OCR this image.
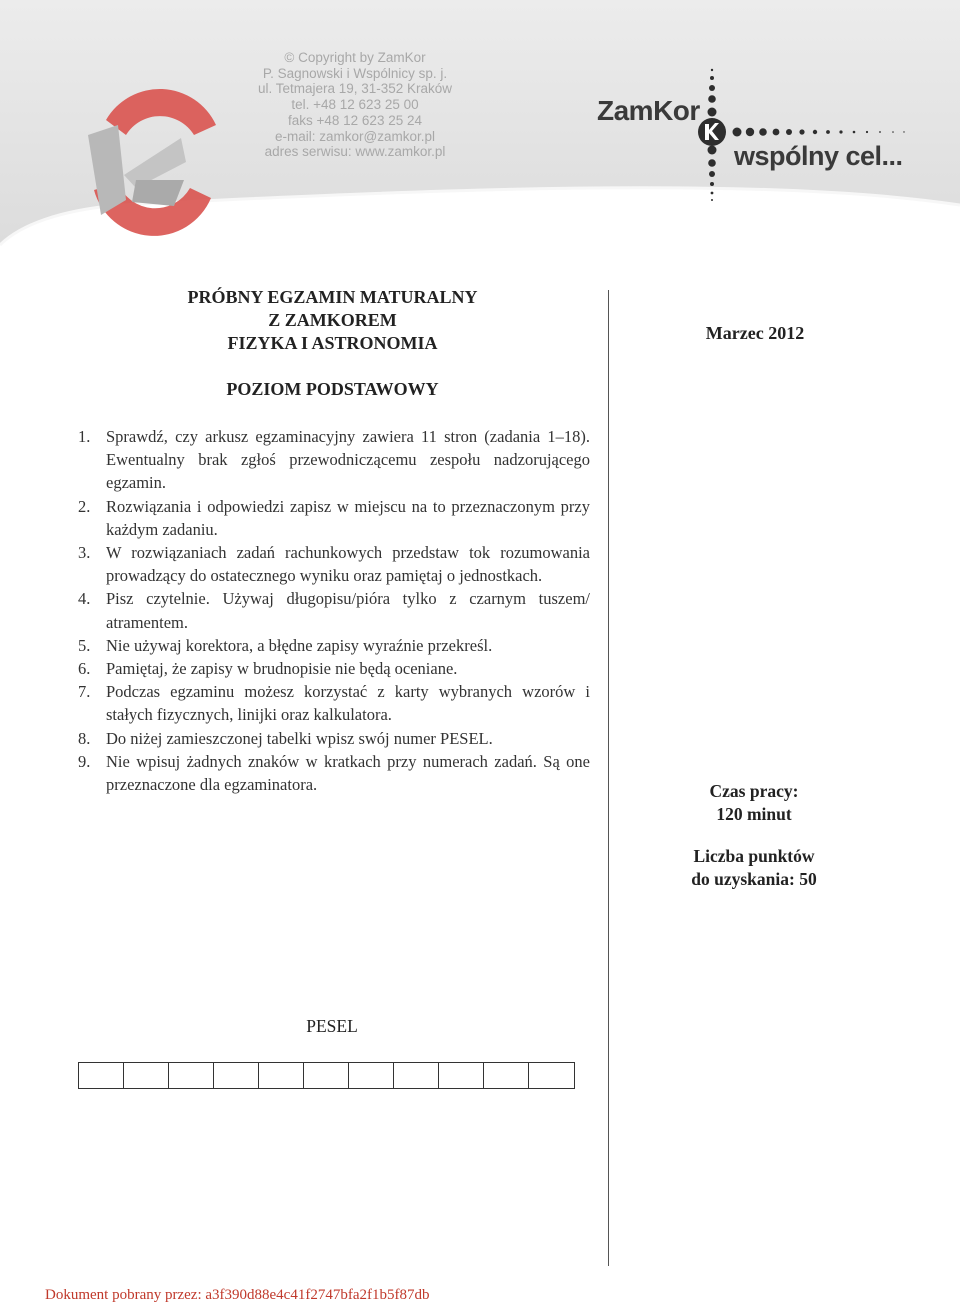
© Copyright by ZamKor
P. Sagnowski i Wspólnicy sp. j.
ul. Tetmajera 19, 31-352 Kraków
tel. +48 12 623 25 00
faks +48 12 623 25 24
e-mail: zamkor@zamkor.pl
adres serwisu: www.zamkor.pl
ZamKor
wspólny cel...
PRÓBNY EGZAMIN MATURALNY
Z ZAMKOREM
FIZYKA I ASTRONOMIA
POZIOM PODSTAWOWY
Marzec 2012
1. Sprawdź, czy arkusz egzaminacyjny zawiera 11 stron (zadania 1–18). Ewentualny brak zgłoś przewodniczącemu zespołu nadzorującego egzamin.
2. Rozwiązania i odpowiedzi zapisz w miejscu na to przeznaczonym przy każdym zadaniu.
3. W rozwiązaniach zadań rachunkowych przedstaw tok rozumowania prowadzący do ostatecznego wyniku oraz pamiętaj o jednostkach.
4. Pisz czytelnie. Używaj długopisu/pióra tylko z czarnym tuszem/ atramentem.
5. Nie używaj korektora, a błędne zapisy wyraźnie przekreśl.
6. Pamiętaj, że zapisy w brudnopisie nie będą oceniane.
7. Podczas egzaminu możesz korzystać z karty wybranych wzorów i stałych fizycznych, linijki oraz kalkulatora.
8. Do niżej zamieszczonej tabelki wpisz swój numer PESEL.
9. Nie wpisuj żadnych znaków w kratkach przy numerach zadań. Są one przeznaczone dla egzaminatora.	Czas pracy:
120 minut
Liczba punktów
do uzyskania: 50
PESEL
Dokument pobrany przez: a3f390d88e4c41f2747bfa2f1b5f87db
